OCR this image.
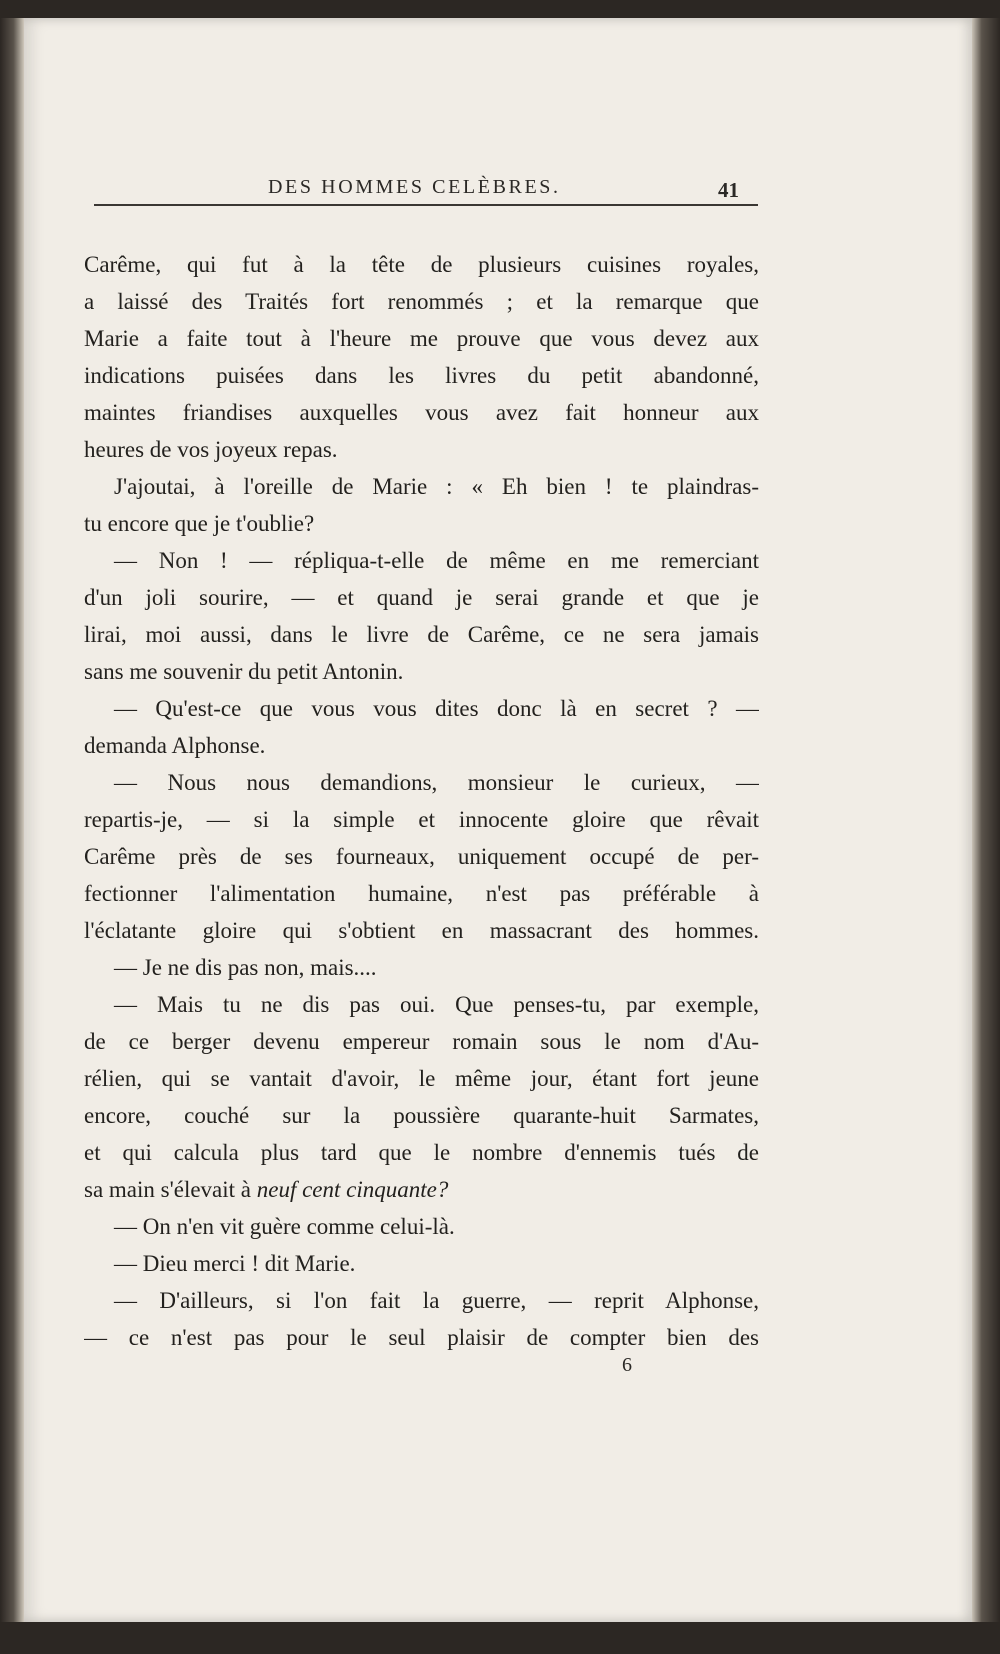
DES HOMMES CELÈBRES.	41
Carême, qui fut à la tête de plusieurs cuisines royales,
a laissé des Traités fort renommés ; et la remarque que
Marie a faite tout à l'heure me prouve que vous devez aux
indications puisées dans les livres du petit abandonné,
maintes friandises auxquelles vous avez fait honneur aux
heures de vos joyeux repas.
J'ajoutai, à l'oreille de Marie : « Eh bien ! te plaindras-
tu encore que je t'oublie?
— Non ! — répliqua-t-elle de même en me remerciant
d'un joli sourire, — et quand je serai grande et que je
lirai, moi aussi, dans le livre de Carême, ce ne sera jamais
sans me souvenir du petit Antonin.
— Qu'est-ce que vous vous dites donc là en secret ? —
demanda Alphonse.
— Nous nous demandions, monsieur le curieux, —
repartis-je, — si la simple et innocente gloire que rêvait
Carême près de ses fourneaux, uniquement occupé de per-
fectionner l'alimentation humaine, n'est pas préférable à
l'éclatante gloire qui s'obtient en massacrant des hommes.
— Je ne dis pas non, mais....
— Mais tu ne dis pas oui. Que penses-tu, par exemple,
de ce berger devenu empereur romain sous le nom d'Au-
rélien, qui se vantait d'avoir, le même jour, étant fort jeune
encore, couché sur la poussière quarante-huit Sarmates,
et qui calcula plus tard que le nombre d'ennemis tués de
sa main s'élevait à neuf cent cinquante?
— On n'en vit guère comme celui-là.
— Dieu merci ! dit Marie.
— D'ailleurs, si l'on fait la guerre, — reprit Alphonse,
— ce n'est pas pour le seul plaisir de compter bien des
6
